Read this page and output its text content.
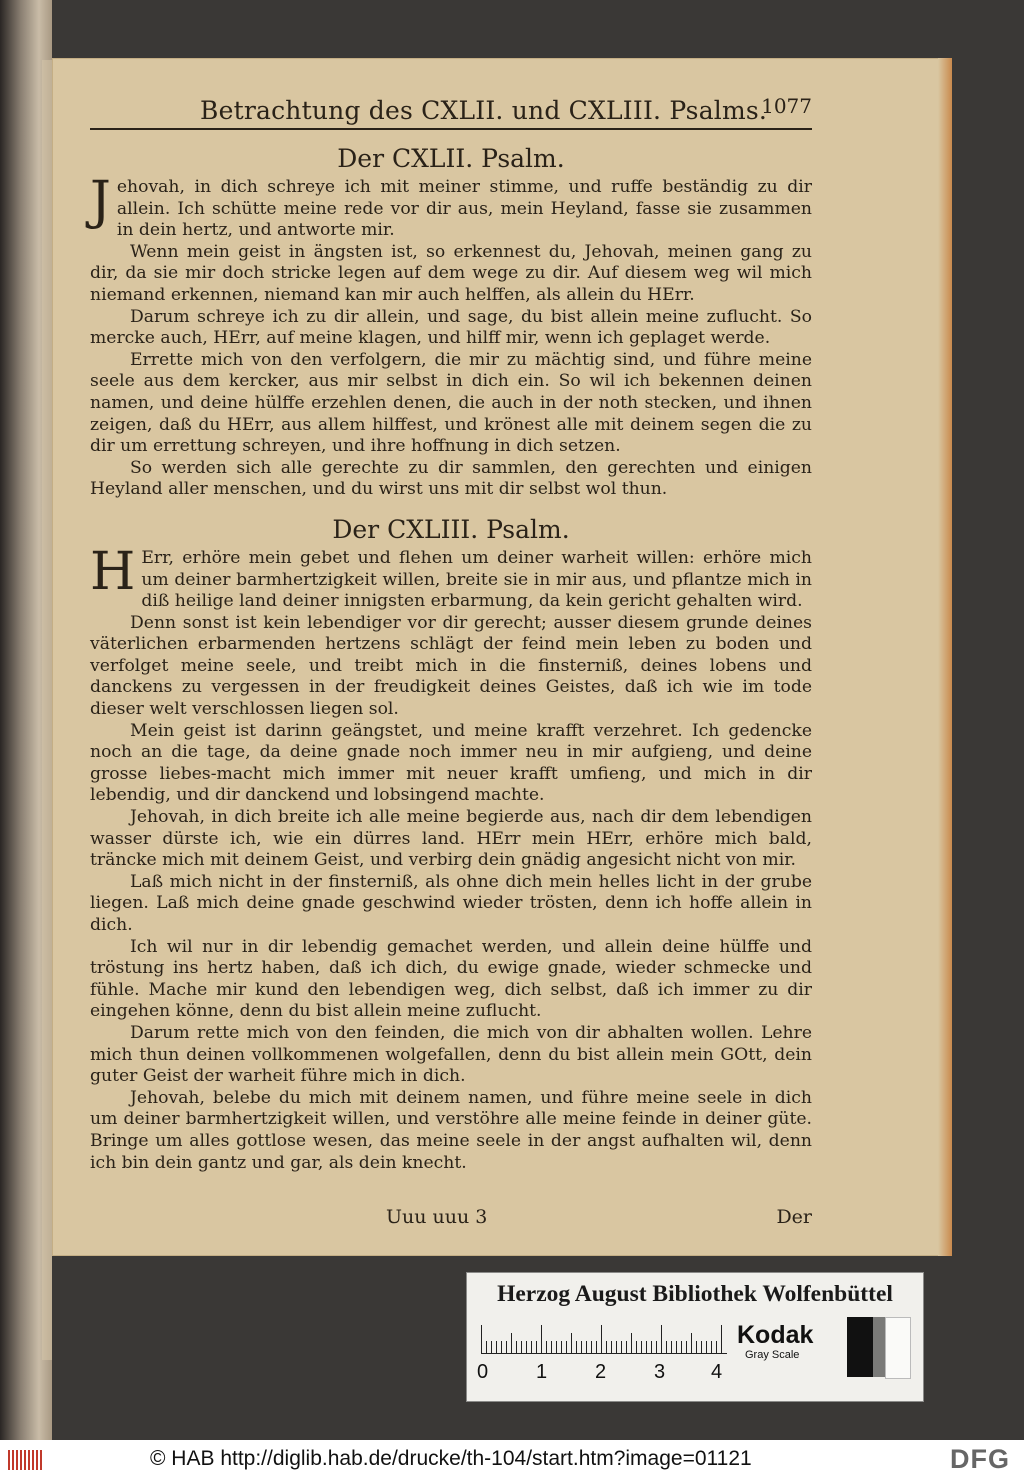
Betrachtung des CXLII. und CXLIII. Psalms.
1077
Der CXLII. Psalm.

Jehovah, in dich schreye ich mit meiner stimme, und ruffe beständig zu dir allein. Ich schütte meine rede vor dir aus, mein Heyland, fasse sie zusammen in dein hertz, und antworte mir.

Wenn mein geist in ängsten ist, so erkennest du, Jehovah, meinen gang zu dir, da sie mir doch stricke legen auf dem wege zu dir. Auf diesem weg wil mich niemand erkennen, niemand kan mir auch helffen, als allein du HErr.

Darum schreye ich zu dir allein, und sage, du bist allein meine zuflucht. So mercke auch, HErr, auf meine klagen, und hilff mir, wenn ich geplaget werde.

Errette mich von den verfolgern, die mir zu mächtig sind, und führe meine seele aus dem kercker, aus mir selbst in dich ein. So wil ich bekennen deinen namen, und deine hülffe erzehlen denen, die auch in der noth stecken, und ihnen zeigen, daß du HErr, aus allem hilffest, und krönest alle mit deinem segen die zu dir um errettung schreyen, und ihre hoffnung in dich setzen.

So werden sich alle gerechte zu dir sammlen, den gerechten und einigen Heyland aller menschen, und du wirst uns mit dir selbst wol thun.

Der CXLIII. Psalm.

HErr, erhöre mein gebet und flehen um deiner warheit willen: erhöre mich um deiner barmhertzigkeit willen, breite sie in mir aus, und pflantze mich in diß heilige land deiner innigsten erbarmung, da kein gericht gehalten wird.

Denn sonst ist kein lebendiger vor dir gerecht; ausser diesem grunde deines väterlichen erbarmenden hertzens schlägt der feind mein leben zu boden und verfolget meine seele, und treibt mich in die finsterniß, deines lobens und danckens zu vergessen in der freudigkeit deines Geistes, daß ich wie im tode dieser welt verschlossen liegen sol.

Mein geist ist darinn geängstet, und meine krafft verzehret. Ich gedencke noch an die tage, da deine gnade noch immer neu in mir aufgieng, und deine grosse liebes-macht mich immer mit neuer krafft umfieng, und mich in dir lebendig, und dir danckend und lobsingend machte.

Jehovah, in dich breite ich alle meine begierde aus, nach dir dem lebendigen wasser dürste ich, wie ein dürres land. HErr mein HErr, erhöre mich bald, träncke mich mit deinem Geist, und verbirg dein gnädig angesicht nicht von mir.

Laß mich nicht in der finsterniß, als ohne dich mein helles licht in der grube liegen. Laß mich deine gnade geschwind wieder trösten, denn ich hoffe allein in dich.

Ich wil nur in dir lebendig gemachet werden, und allein deine hülffe und tröstung ins hertz haben, daß ich dich, du ewige gnade, wieder schmecke und fühle. Mache mir kund den lebendigen weg, dich selbst, daß ich immer zu dir eingehen könne, denn du bist allein meine zuflucht.

Darum rette mich von den feinden, die mich von dir abhalten wollen. Lehre mich thun deinen vollkommenen wolgefallen, denn du bist allein mein GOtt, dein guter Geist der warheit führe mich in dich.

Jehovah, belebe du mich mit deinem namen, und führe meine seele in dich um deiner barmhertzigkeit willen, und verstöhre alle meine feinde in deiner güte. Bringe um alles gottlose wesen, das meine seele in der angst aufhalten wil, denn ich bin dein gantz und gar, als dein knecht.

Uuu uuu 3	Der
Herzog August Bibliothek Wolfenbüttel
0 1 2 3 4
Kodak
Gray Scale
© HAB http://diglib.hab.de/drucke/th-104/start.htm?image=01121	DFG
